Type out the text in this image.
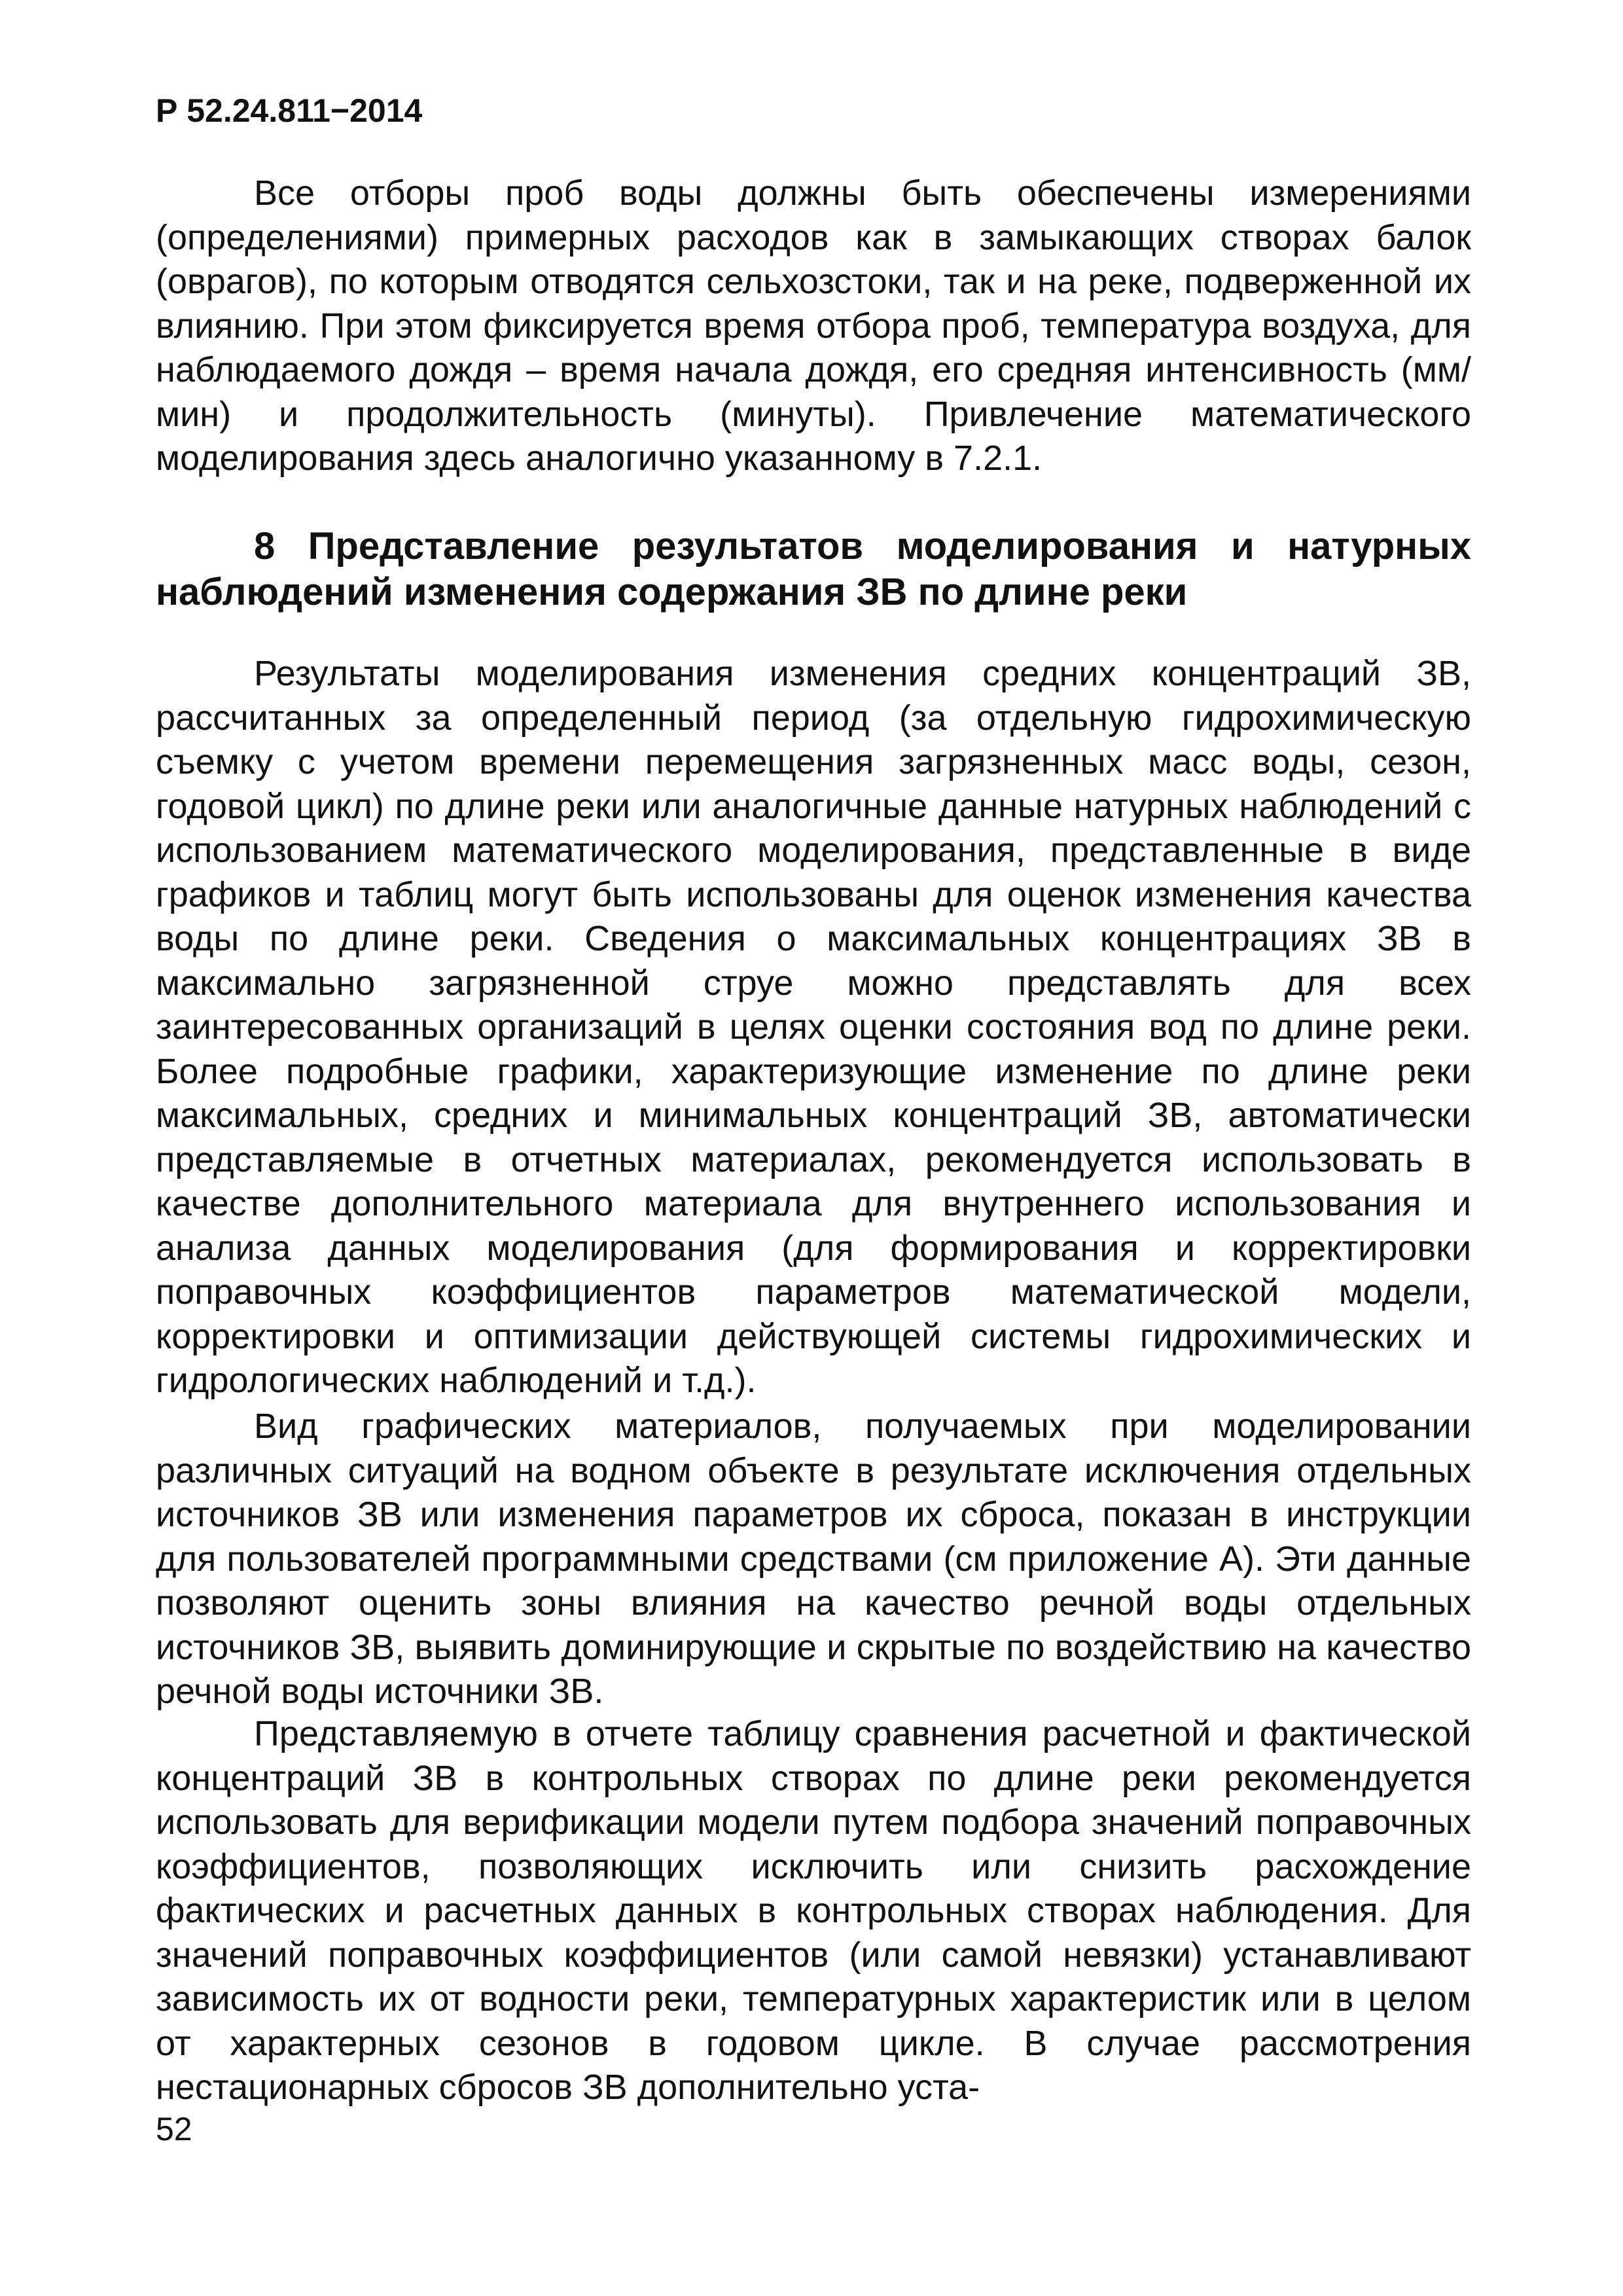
Р 52.24.811−2014

Все отборы проб воды должны быть обеспечены измерениями (определениями) примерных расходов как в замыкающих створах балок (оврагов), по которым отводятся сельхозстоки, так и на реке, подверженной их влиянию. При этом фиксируется время отбора проб, температура воздуха, для наблюдаемого дождя – время начала дождя, его средняя интенсивность (мм/мин) и продолжительность (минуты). Привлечение математического моделирования здесь аналогично указанному в 7.2.1.

8 Представление результатов моделирования и натурных наблюдений изменения содержания ЗВ по длине реки

Результаты моделирования изменения средних концентраций ЗВ, рассчитанных за определенный период (за отдельную гидрохимическую съемку с учетом времени перемещения загрязненных масс воды, сезон, годовой цикл) по длине реки или аналогичные данные натурных наблюдений с использованием математического моделирования, представленные в виде графиков и таблиц могут быть использованы для оценок изменения качества воды по длине реки. Сведения о максимальных концентрациях ЗВ в максимально загрязненной струе можно представлять для всех заинтересованных организаций в целях оценки состояния вод по длине реки. Более подробные графики, характеризующие изменение по длине реки максимальных, средних и минимальных концентраций ЗВ, автоматически представляемые в отчетных материалах, рекомендуется использовать в качестве дополнительного материала для внутреннего использования и анализа данных моделирования (для формирования и корректировки поправочных коэффициентов параметров математической модели, корректировки и оптимизации действующей системы гидрохимических и гидрологических наблюдений и т.д.).

Вид графических материалов, получаемых при моделировании различных ситуаций на водном объекте в результате исключения отдельных источников ЗВ или изменения параметров их сброса, показан в инструкции для пользователей программными средствами (см приложение А). Эти данные позволяют оценить зоны влияния на качество речной воды отдельных источников ЗВ, выявить доминирующие и скрытые по воздействию на качество речной воды источники ЗВ.

Представляемую в отчете таблицу сравнения расчетной и фактической концентраций ЗВ в контрольных створах по длине реки рекомендуется использовать для верификации модели путем подбора значений поправочных коэффициентов, позволяющих исключить или снизить расхождение фактических и расчетных данных в контрольных створах наблюдения. Для значений поправочных коэффициентов (или самой невязки) устанавливают зависимость их от водности реки, температурных характеристик или в целом от характерных сезонов в годовом цикле. В случае рассмотрения нестационарных сбросов ЗВ дополнительно уста-

52
